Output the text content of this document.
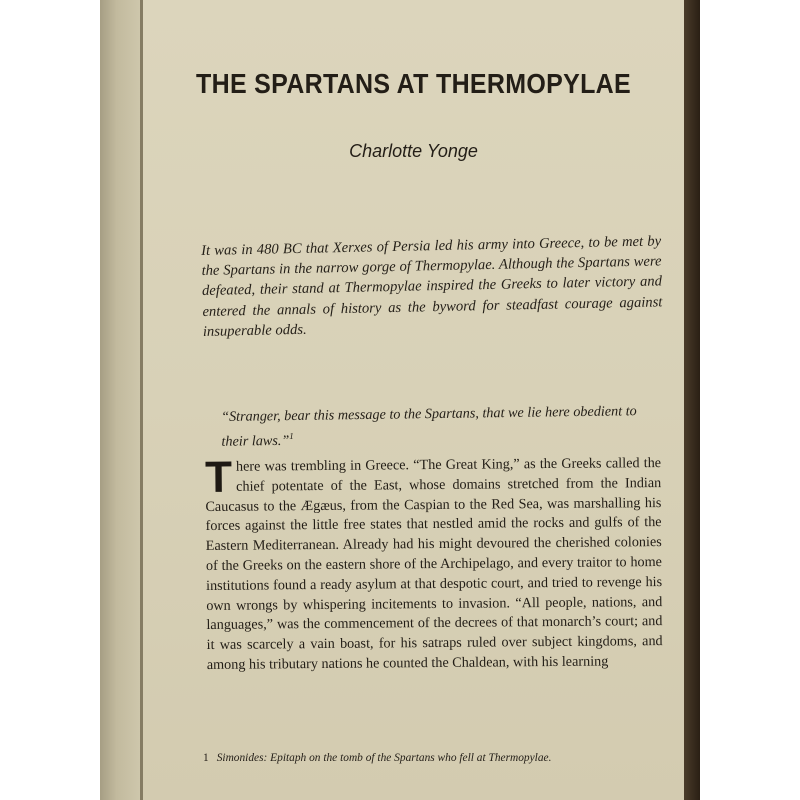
THE SPARTANS AT THERMOPYLAE
Charlotte Yonge
It was in 480 BC that Xerxes of Persia led his army into Greece, to be met by the Spartans in the narrow gorge of Thermopylae. Although the Spartans were defeated, their stand at Thermopylae inspired the Greeks to later victory and entered the annals of history as the byword for steadfast courage against insuperable odds.
“Stranger, bear this message to the Spartans, that we lie here obedient to their laws.”$^1$
There was trembling in Greece. “The Great King,” as the Greeks called the chief potentate of the East, whose domains stretched from the Indian Caucasus to the Ægæus, from the Caspian to the Red Sea, was marshalling his forces against the little free states that nestled amid the rocks and gulfs of the Eastern Mediterranean. Already had his might devoured the cherished colonies of the Greeks on the eastern shore of the Archipelago, and every traitor to home institutions found a ready asylum at that despotic court, and tried to revenge his own wrongs by whispering incitements to invasion. “All people, nations, and languages,” was the commencement of the decrees of that monarch’s court; and it was scarcely a vain boast, for his satraps ruled over subject kingdoms, and among his tributary nations he counted the Chaldean, with his learning
1 Simonides: Epitaph on the tomb of the Spartans who fell at Thermopylae.
